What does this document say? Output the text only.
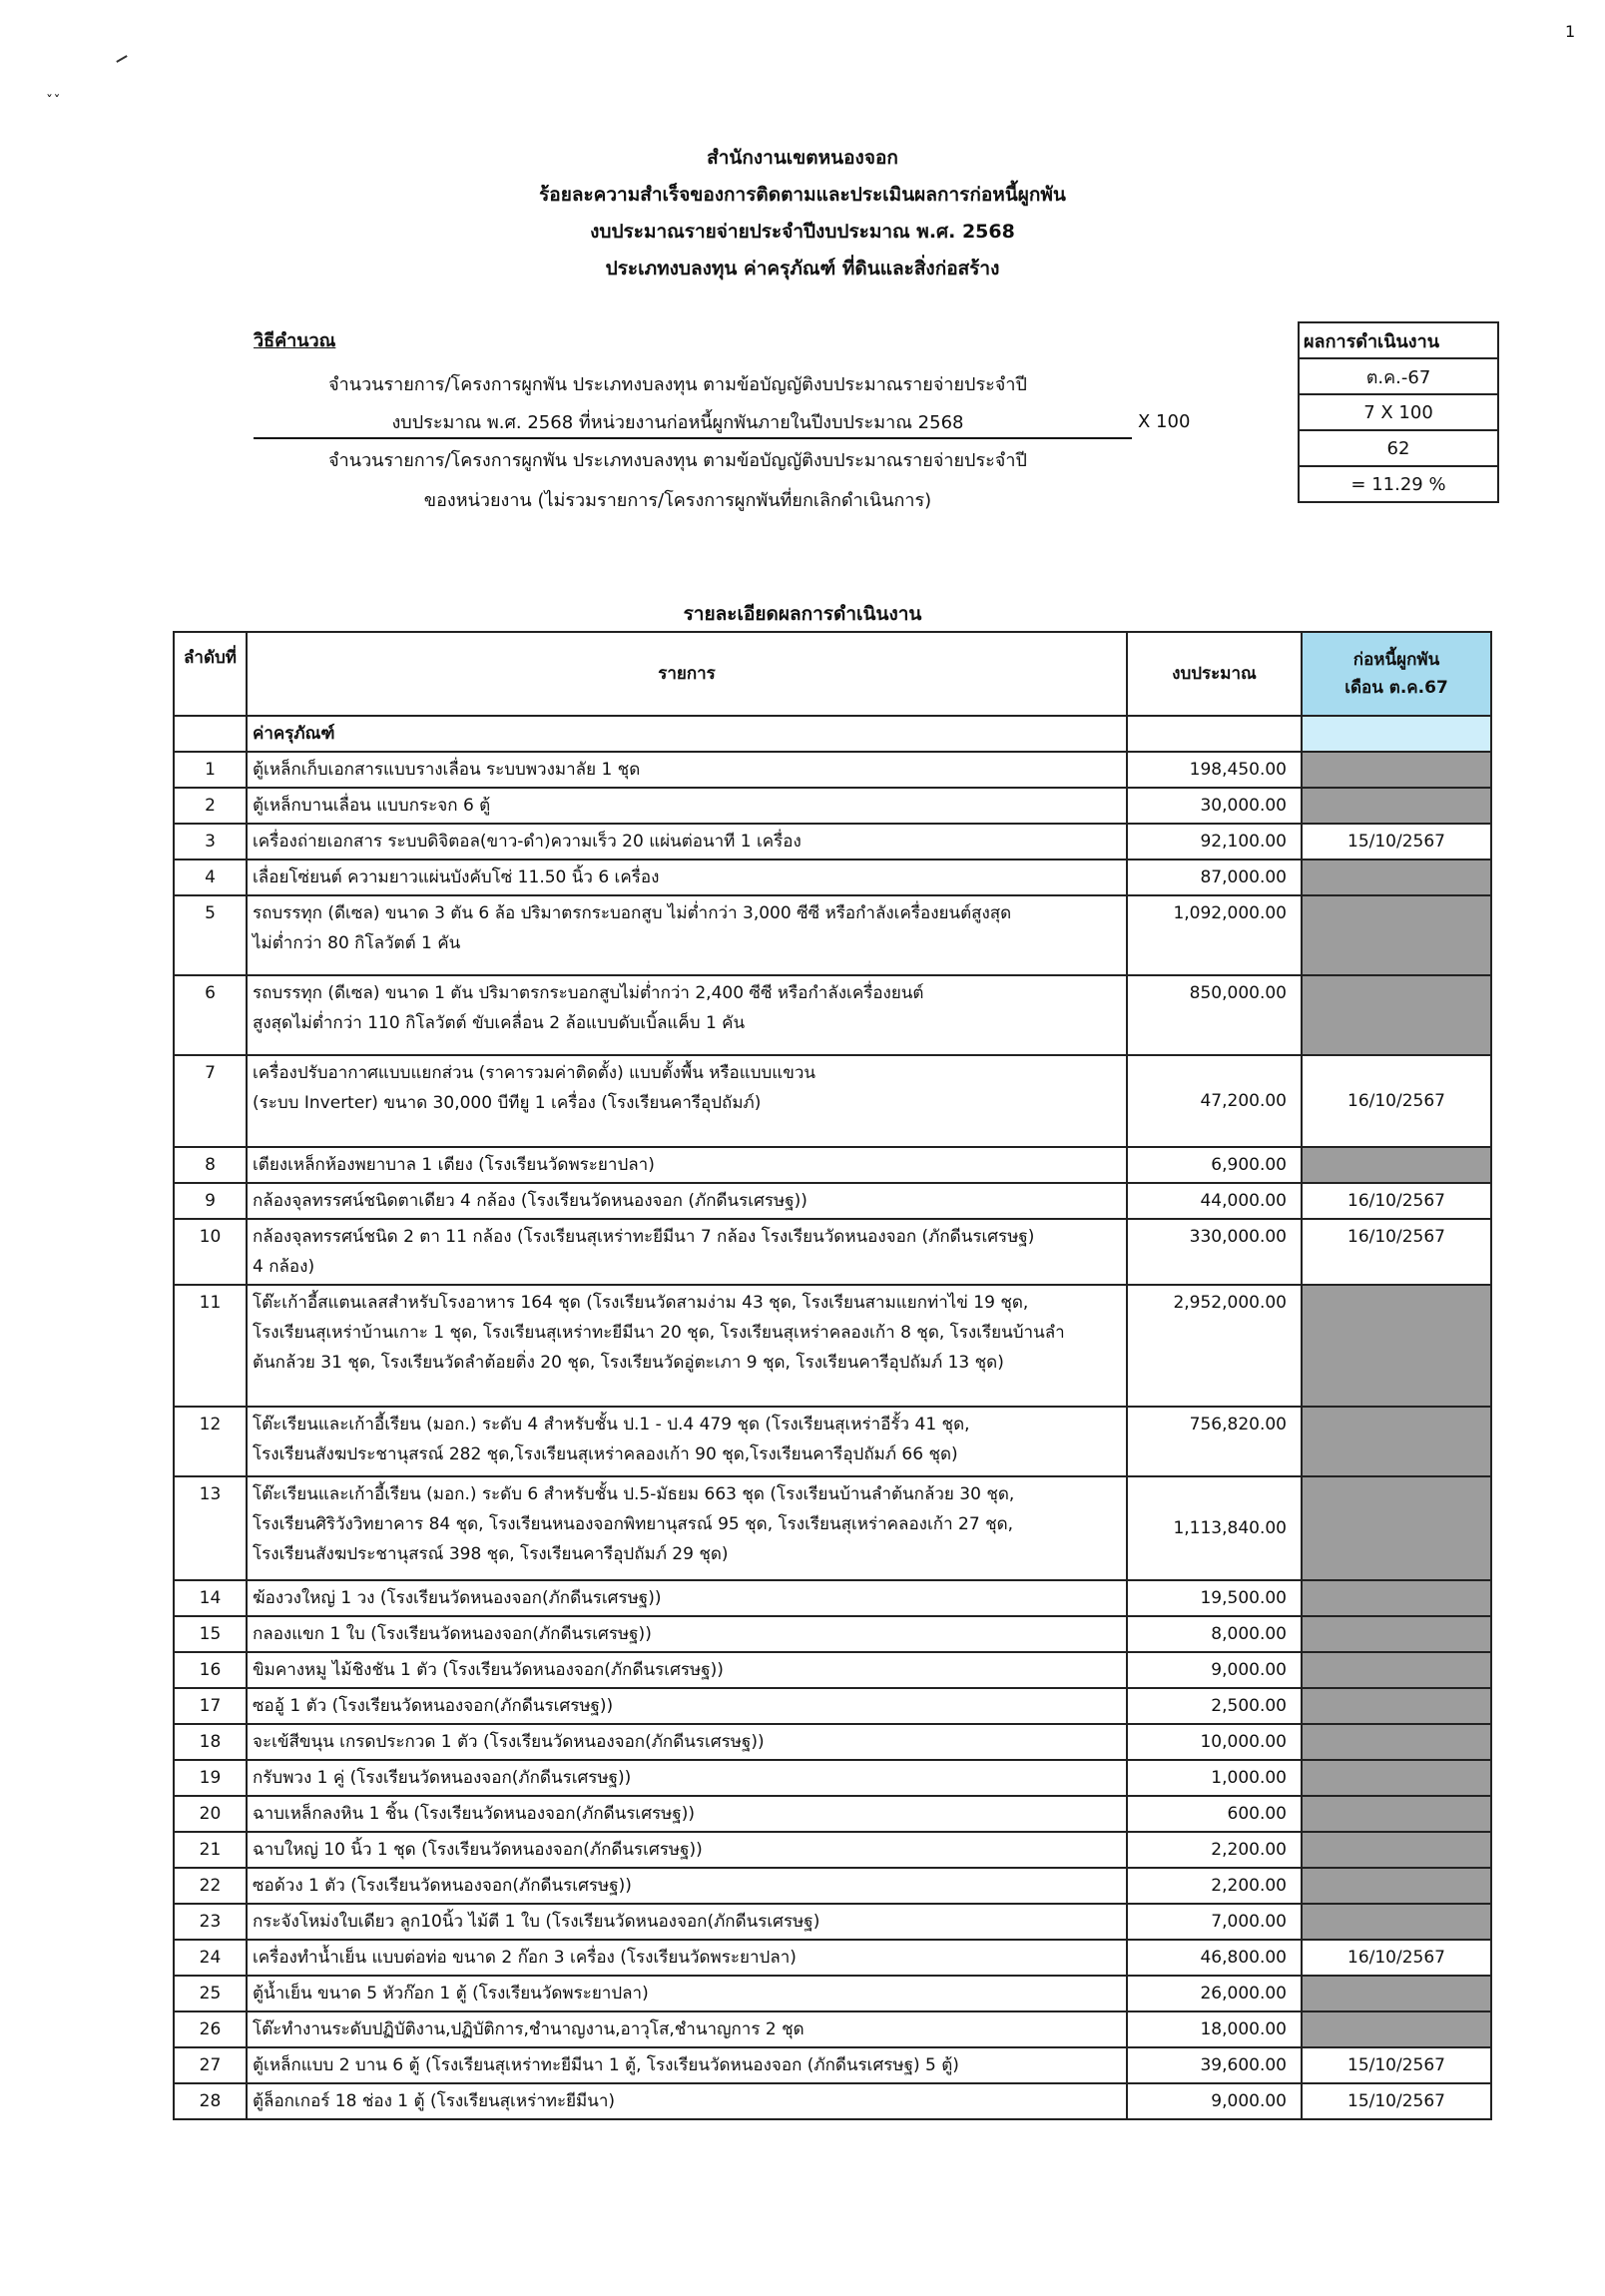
1
ˇ ˇ
สำนักงานเขตหนองจอก
ร้อยละความสำเร็จของการติดตามและประเมินผลการก่อหนี้ผูกพัน
งบประมาณรายจ่ายประจำปีงบประมาณ พ.ศ. 2568
ประเภทงบลงทุน ค่าครุภัณฑ์ ที่ดินและสิ่งก่อสร้าง
วิธีคำนวณ
จำนวนรายการ/โครงการผูกพัน ประเภทงบลงทุน ตามข้อบัญญัติงบประมาณรายจ่ายประจำปี
งบประมาณ พ.ศ. 2568 ที่หน่วยงานก่อหนี้ผูกพันภายในปีงบประมาณ 2568	X 100
จำนวนรายการ/โครงการผูกพัน ประเภทงบลงทุน ตามข้อบัญญัติงบประมาณรายจ่ายประจำปี
ของหน่วยงาน (ไม่รวมรายการ/โครงการผูกพันที่ยกเลิกดำเนินการ)
ผลการดำเนินงาน
ต.ค.-67
7 X 100
62
= 11.29 %
รายละเอียดผลการดำเนินงาน
ลำดับที่	รายการ	งบประมาณ	ก่อหนี้ผูกพัน
เดือน ต.ค.67

	ค่าครุภัณฑ์		
1	ตู้เหล็กเก็บเอกสารแบบรางเลื่อน ระบบพวงมาลัย 1 ชุด	198,450.00	
2	ตู้เหล็กบานเลื่อน แบบกระจก 6 ตู้	30,000.00	
3	เครื่องถ่ายเอกสาร ระบบดิจิตอล(ขาว-ดำ)ความเร็ว 20 แผ่นต่อนาที 1 เครื่อง	92,100.00	15/10/2567
4	เลื่อยโซ่ยนต์ ความยาวแผ่นบังคับโซ่ 11.50 นิ้ว 6 เครื่อง	87,000.00	
5	รถบรรทุก (ดีเซล) ขนาด 3 ตัน 6 ล้อ ปริมาตรกระบอกสูบ ไม่ต่ำกว่า 3,000 ซีซี หรือกำลังเครื่องยนต์สูงสุด
ไม่ต่ำกว่า 80 กิโลวัตต์ 1 คัน	1,092,000.00	
6	รถบรรทุก (ดีเซล) ขนาด 1 ตัน ปริมาตรกระบอกสูบไม่ต่ำกว่า 2,400 ซีซี หรือกำลังเครื่องยนต์
สูงสุดไม่ต่ำกว่า 110 กิโลวัตต์ ขับเคลื่อน 2 ล้อแบบดับเบิ้ลแค็บ 1 คัน	850,000.00	
7	เครื่องปรับอากาศแบบแยกส่วน (ราคารวมค่าติดตั้ง) แบบตั้งพื้น หรือแบบแขวน
(ระบบ Inverter) ขนาด 30,000 บีทียู 1 เครื่อง (โรงเรียนคารีอุปถัมภ์)	47,200.00	16/10/2567
8	เตียงเหล็กห้องพยาบาล 1 เตียง (โรงเรียนวัดพระยาปลา)	6,900.00	
9	กล้องจุลทรรศน์ชนิดตาเดียว 4 กล้อง (โรงเรียนวัดหนองจอก (ภักดีนรเศรษฐ))	44,000.00	16/10/2567
10	กล้องจุลทรรศน์ชนิด 2 ตา 11 กล้อง (โรงเรียนสุเหร่าทะยีมีนา 7 กล้อง โรงเรียนวัดหนองจอก (ภักดีนรเศรษฐ)
4 กล้อง)	330,000.00	16/10/2567
11	โต๊ะเก้าอี้สแตนเลสสำหรับโรงอาหาร 164 ชุด (โรงเรียนวัดสามง่าม 43 ชุด, โรงเรียนสามแยกท่าไข่ 19 ชุด,
โรงเรียนสุเหร่าบ้านเกาะ 1 ชุด, โรงเรียนสุเหร่าทะยีมีนา 20 ชุด, โรงเรียนสุเหร่าคลองเก้า 8 ชุด, โรงเรียนบ้านลำ
ต้นกล้วย 31 ชุด, โรงเรียนวัดลำต้อยติ่ง 20 ชุด, โรงเรียนวัดอู่ตะเภา 9 ชุด, โรงเรียนคารีอุปถัมภ์ 13 ชุด)	2,952,000.00	
12	โต๊ะเรียนและเก้าอี้เรียน (มอก.) ระดับ 4 สำหรับชั้น ป.1 - ป.4 479 ชุด (โรงเรียนสุเหร่าอีรั้ว 41 ชุด,
โรงเรียนสังฆประชานุสรณ์ 282 ชุด,โรงเรียนสุเหร่าคลองเก้า 90 ชุด,โรงเรียนคารีอุปถัมภ์ 66 ชุด)	756,820.00	
13	โต๊ะเรียนและเก้าอี้เรียน (มอก.) ระดับ 6 สำหรับชั้น ป.5-มัธยม 663 ชุด (โรงเรียนบ้านลำต้นกล้วย 30 ชุด,
โรงเรียนศิริวังวิทยาคาร 84 ชุด, โรงเรียนหนองจอกพิทยานุสรณ์ 95 ชุด, โรงเรียนสุเหร่าคลองเก้า 27 ชุด,
โรงเรียนสังฆประชานุสรณ์ 398 ชุด, โรงเรียนคารีอุปถัมภ์ 29 ชุด)	1,113,840.00	
14	ฆ้องวงใหญ่ 1 วง (โรงเรียนวัดหนองจอก(ภักดีนรเศรษฐ))	19,500.00	
15	กลองแขก 1 ใบ (โรงเรียนวัดหนองจอก(ภักดีนรเศรษฐ))	8,000.00	
16	ขิมคางหมู ไม้ชิงชัน 1 ตัว (โรงเรียนวัดหนองจอก(ภักดีนรเศรษฐ))	9,000.00	
17	ซออู้ 1 ตัว (โรงเรียนวัดหนองจอก(ภักดีนรเศรษฐ))	2,500.00	
18	จะเข้สีขนุน เกรดประกวด 1 ตัว (โรงเรียนวัดหนองจอก(ภักดีนรเศรษฐ))	10,000.00	
19	กรับพวง 1 คู่ (โรงเรียนวัดหนองจอก(ภักดีนรเศรษฐ))	1,000.00	
20	ฉาบเหล็กลงหิน 1 ชิ้น (โรงเรียนวัดหนองจอก(ภักดีนรเศรษฐ))	600.00	
21	ฉาบใหญ่ 10 นิ้ว 1 ชุด (โรงเรียนวัดหนองจอก(ภักดีนรเศรษฐ))	2,200.00	
22	ซอด้วง 1 ตัว (โรงเรียนวัดหนองจอก(ภักดีนรเศรษฐ))	2,200.00	
23	กระจังโหม่งใบเดียว ลูก10นิ้ว ไม้ตี 1 ใบ (โรงเรียนวัดหนองจอก(ภักดีนรเศรษฐ)	7,000.00	
24	เครื่องทำน้ำเย็น แบบต่อท่อ ขนาด 2 ก๊อก 3 เครื่อง (โรงเรียนวัดพระยาปลา)	46,800.00	16/10/2567
25	ตู้น้ำเย็น ขนาด 5 หัวก๊อก 1 ตู้ (โรงเรียนวัดพระยาปลา)	26,000.00	
26	โต๊ะทำงานระดับปฏิบัติงาน,ปฏิบัติการ,ชำนาญงาน,อาวุโส,ชำนาญการ 2 ชุด	18,000.00	
27	ตู้เหล็กแบบ 2 บาน 6 ตู้ (โรงเรียนสุเหร่าทะยีมีนา 1 ตู้, โรงเรียนวัดหนองจอก (ภักดีนรเศรษฐ) 5 ตู้)	39,600.00	15/10/2567
28	ตู้ล็อกเกอร์ 18 ช่อง 1 ตู้ (โรงเรียนสุเหร่าทะยีมีนา)	9,000.00	15/10/2567
